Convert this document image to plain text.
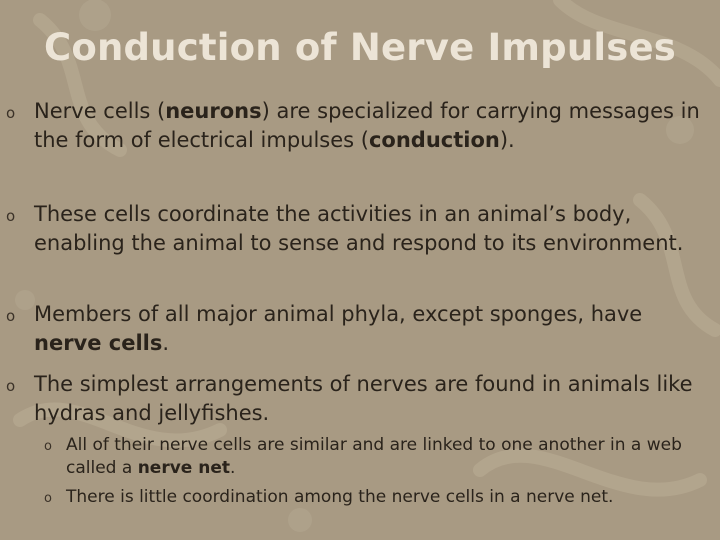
Conduction of Nerve Impulses
o Nerve cells (neurons) are specialized for carrying messages in the form of electrical impulses (conduction).
o These cells coordinate the activities in an animal’s body, enabling the animal to sense and respond to its environment.
o Members of all major animal phyla, except sponges, have nerve cells.
o The simplest arrangements of nerves are found in animals like hydras and jellyfishes.
o All of their nerve cells are similar and are linked to one another in a web called a nerve net.
o There is little coordination among the nerve cells in a nerve net.
